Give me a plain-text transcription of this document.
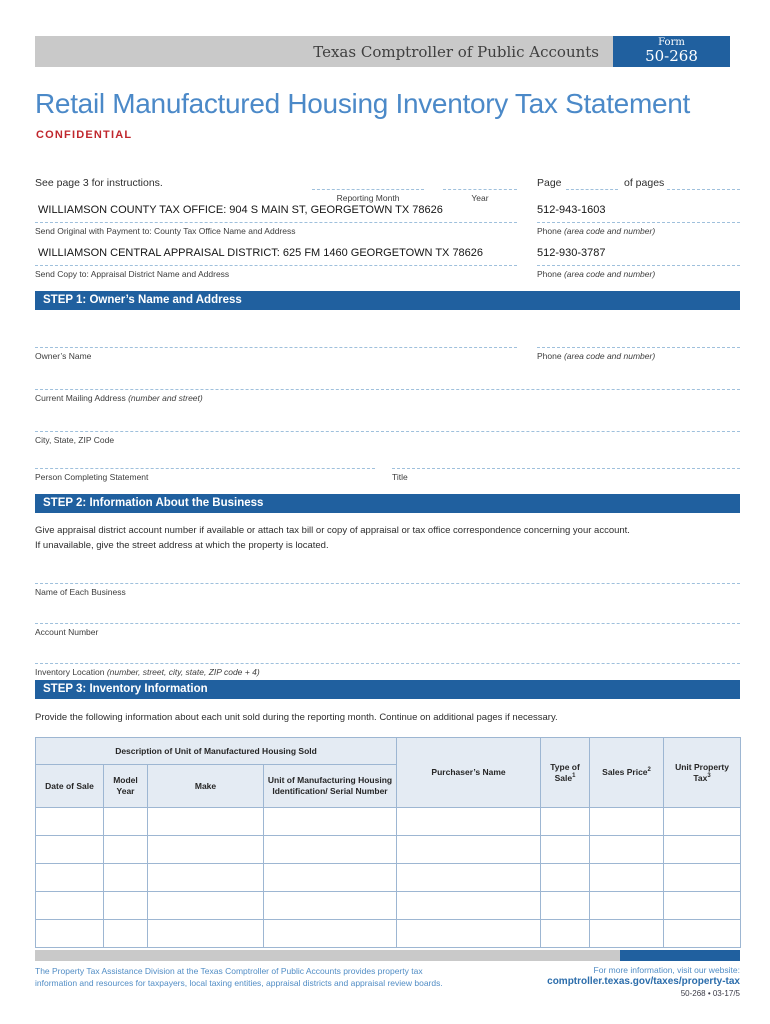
Texas Comptroller of Public Accounts	Form
50-268
Retail Manufactured Housing Inventory Tax Statement
CONFIDENTIAL
See page 3 for instructions.
Reporting Month	Year
Page	of pages
WILLIAMSON COUNTY TAX OFFICE: 904 S MAIN ST, GEORGETOWN TX 78626	512-943-1603
Send Original with Payment to: County Tax Office Name and Address	Phone (area code and number)
WILLIAMSON CENTRAL APPRAISAL DISTRICT: 625 FM 1460 GEORGETOWN TX 78626	512-930-3787
Send Copy to: Appraisal District Name and Address	Phone (area code and number)
STEP 1: Owner’s Name and Address
Owner’s Name	Phone (area code and number)
Current Mailing Address (number and street)
City, State, ZIP Code
Person Completing Statement	Title
STEP 2: Information About the Business
Give appraisal district account number if available or attach tax bill or copy of appraisal or tax office correspondence concerning your account.
If unavailable, give the street address at which the property is located.
Name of Each Business
Account Number
Inventory Location (number, street, city, state, ZIP code + 4)
STEP 3: Inventory Information
Provide the following information about each unit sold during the reporting month. Continue on additional pages if necessary.
Description of Unit of Manufactured Housing Sold				Purchaser’s Name	Type of Sale$^1$	Sales Price$^2$	Unit Property Tax$^3$
Date of Sale	Model Year	Make	Unit of Manufacturing Housing Identification/ Serial Number				

The Property Tax Assistance Division at the Texas Comptroller of Public Accounts provides property tax
information and resources for taxpayers, local taxing entities, appraisal districts and appraisal review boards.
For more information, visit our website:
comptroller.texas.gov/taxes/property-tax
50-268 • 03-17/5
